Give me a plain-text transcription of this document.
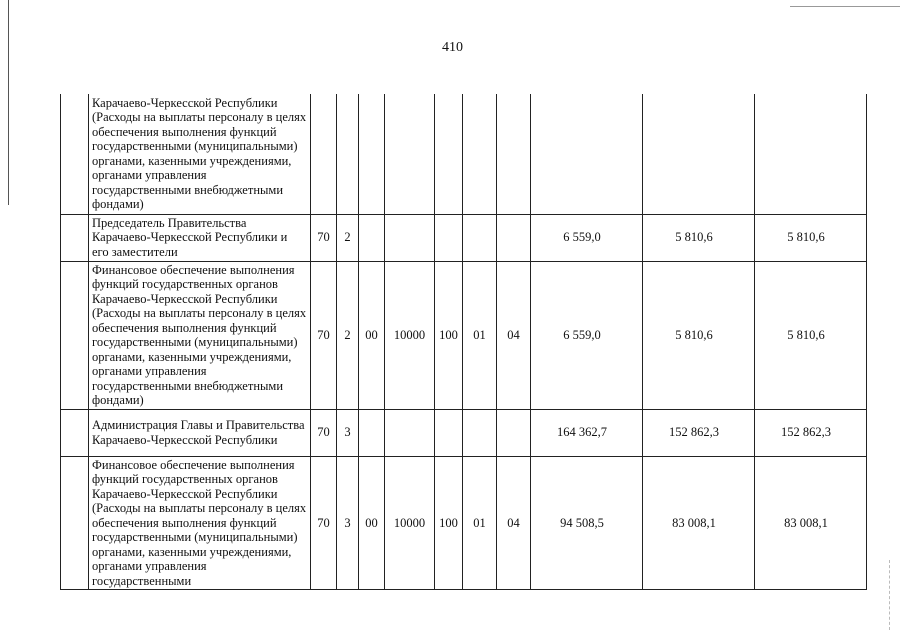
410
	Карачаево-Черкесской Республики (Расходы на выплаты персоналу в целях обеспечения выполнения функций государственными (муниципальными) органами, казенными учреждениями, органами управления государственными внебюджетными фондами)										
	Председатель Правительства Карачаево-Черкесской Республики и его заместители	70	2						6 559,0	5 810,6	5 810,6
	Финансовое обеспечение выполнения функций государственных органов Карачаево-Черкесской Республики (Расходы на выплаты персоналу в целях обеспечения выполнения функций государственными (муниципальными) органами, казенными учреждениями, органами управления государственными внебюджетными фондами)	70	2	00	10000	100	01	04	6 559,0	5 810,6	5 810,6
	Администрация Главы и Правительства Карачаево-Черкесской Республики	70	3						164 362,7	152 862,3	152 862,3
	Финансовое обеспечение выполнения функций государственных органов Карачаево-Черкесской Республики (Расходы на выплаты персоналу в целях обеспечения выполнения функций государственными (муниципальными) органами, казенными учреждениями, органами управления государственными	70	3	00	10000	100	01	04	94 508,5	83 008,1	83 008,1
